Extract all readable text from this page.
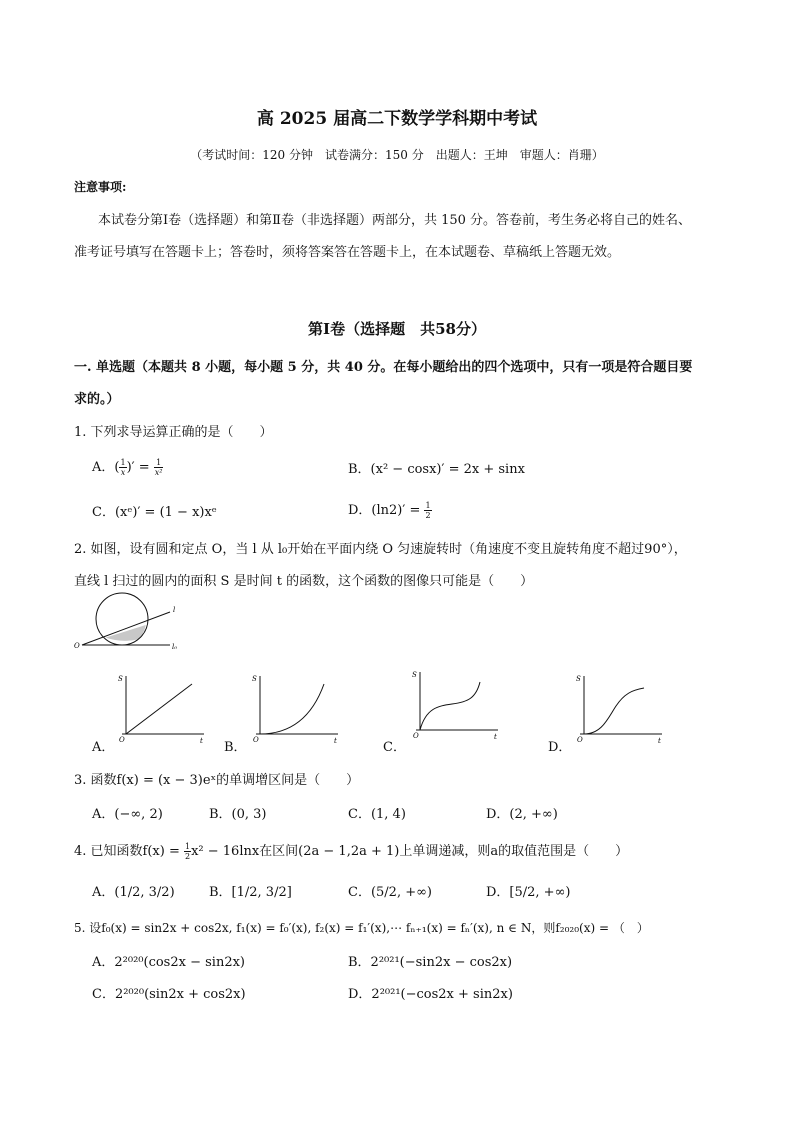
高 2025 届高二下数学学科期中考试
（考试时间：120 分钟　试卷满分：150 分　出题人：王坤　审题人：肖珊）
注意事项:
本试卷分第Ⅰ卷（选择题）和第Ⅱ卷（非选择题）两部分，共 150 分。答卷前，考生务必将自己的姓名、
准考证号填写在答题卡上；答卷时，须将答案答在答题卡上，在本试题卷、草稿纸上答题无效。
第Ⅰ卷（选择题　共58分）
一. 单选题（本题共 8 小题，每小题 5 分，共 40 分。在每小题给出的四个选项中，只有一项是符合题目要
求的。）
1. 下列求导运算正确的是（　　）
A．( $\frac{1}{x}$ )′ = $\frac{1}{\text{x²}}$	B．(x² − cosx)′ = 2x + sinx
C．(xᵉ)′ = (1 − x)xᵉ	D．$(\ln 2)' = \frac{1}{2}$
2. 如图，设有圆和定点 O，当 l 从 l₀开始在平面内绕 O 匀速旋转时（角速度不变且旋转角度不超过90°），
直线 l 扫过的圆内的面积 S 是时间 t 的函数，这个函数的图像只可能是（　　）
O
l
l₀
S
t
O
S
t
O
S
t
O
S
t
O
A．	B．	C．	D．
3. 函数f(x) = (x − 3)eˣ的单调增区间是（　　）
A．(−∞, 2)	B．(0, 3)	C．(1, 4)	D．(2, +∞)
4. 已知函数$f(x) = \frac{1}{2} x^2 - 16\ln x$在区间(2a − 1,2a + 1)上单调递减，则a的取值范围是（　　）
A．(1/2, 3/2)	B．[1/2, 3/2]	C．(5/2, +∞)	D．[5/2, +∞)
5. 设f₀(x) = sin2x + cos2x, f₁(x) = f₀′(x), f₂(x) = f₁′(x),⋯ fₙ₊₁(x) = fₙ′(x), n ∈ N，则f₂₀₂₀(x) = （　）
A．2²⁰²⁰(cos2x − sin2x)	B．2²⁰²¹(−sin2x − cos2x)
C．2²⁰²⁰(sin2x + cos2x)	D．2²⁰²¹(−cos2x + sin2x)
